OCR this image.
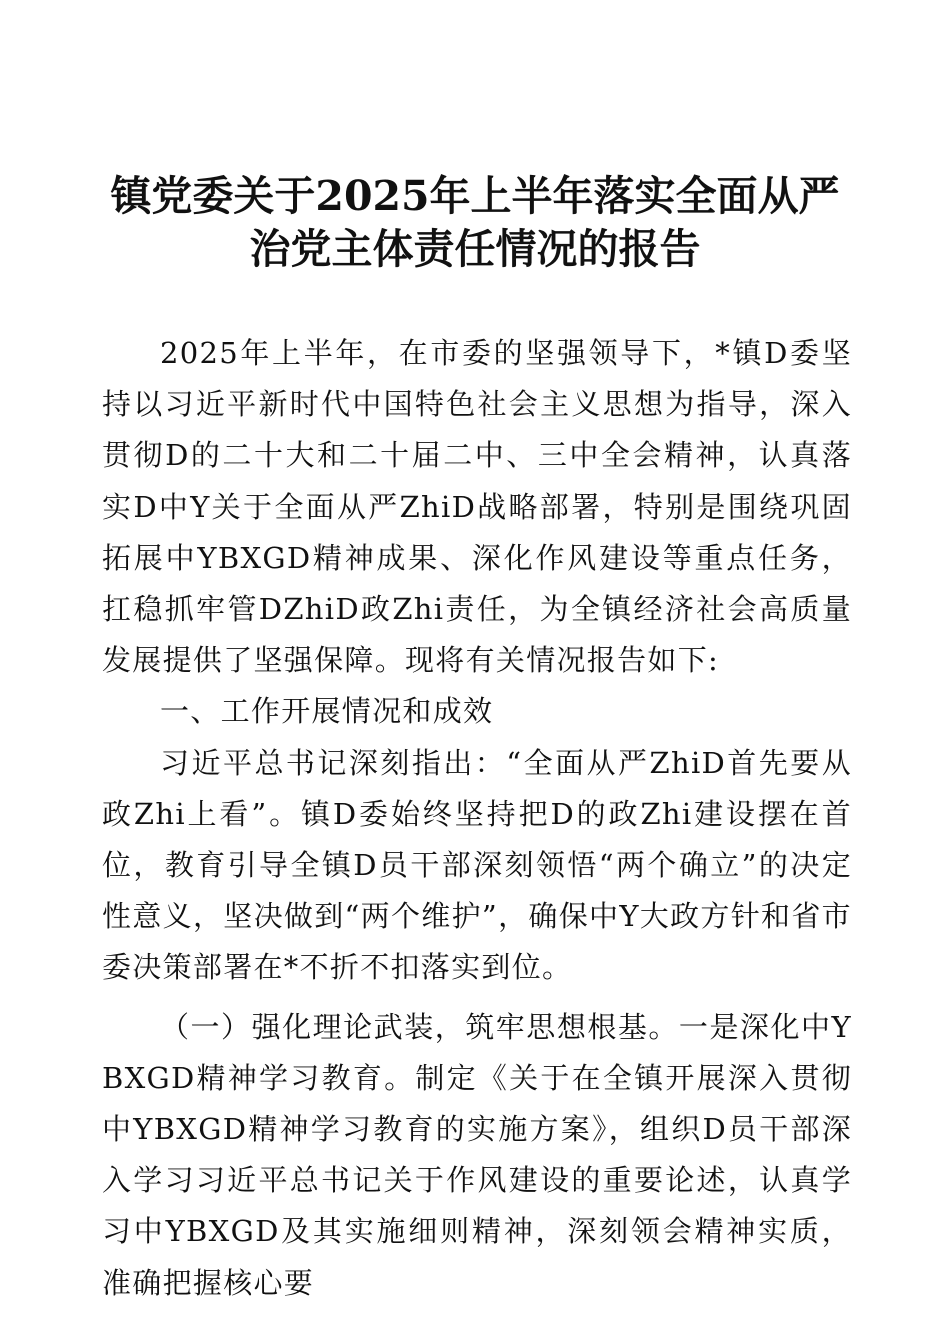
镇党委关于2025年上半年落实全面从严
治党主体责任情况的报告

2025年上半年，在市委的坚强领导下，*镇D委坚持以习近平新时代中国特色社会主义思想为指导，深入贯彻D的二十大和二十届二中、三中全会精神，认真落实D中Y关于全面从严ZhiD战略部署，特别是围绕巩固拓展中YBXGD精神成果、深化作风建设等重点任务，扛稳抓牢管DZhiD政Zhi责任，为全镇经济社会高质量发展提供了坚强保障。现将有关情况报告如下:

一、工作开展情况和成效

习近平总书记深刻指出：“全面从严ZhiD首先要从政Zhi上看”。镇D委始终坚持把D的政Zhi建设摆在首位，教育引导全镇D员干部深刻领悟“两个确立”的决定性意义，坚决做到“两个维护”，确保中Y大政方针和省市委决策部署在*不折不扣落实到位。

（一）强化理论武装，筑牢思想根基。一是深化中YBXGD精神学习教育。制定《关于在全镇开展深入贯彻中YBXGD精神学习教育的实施方案》，组织D员干部深入学习习近平总书记关于作风建设的重要论述，认真学习中YBXGD及其实施细则精神，深刻领会精神实质，准确把握核心要
